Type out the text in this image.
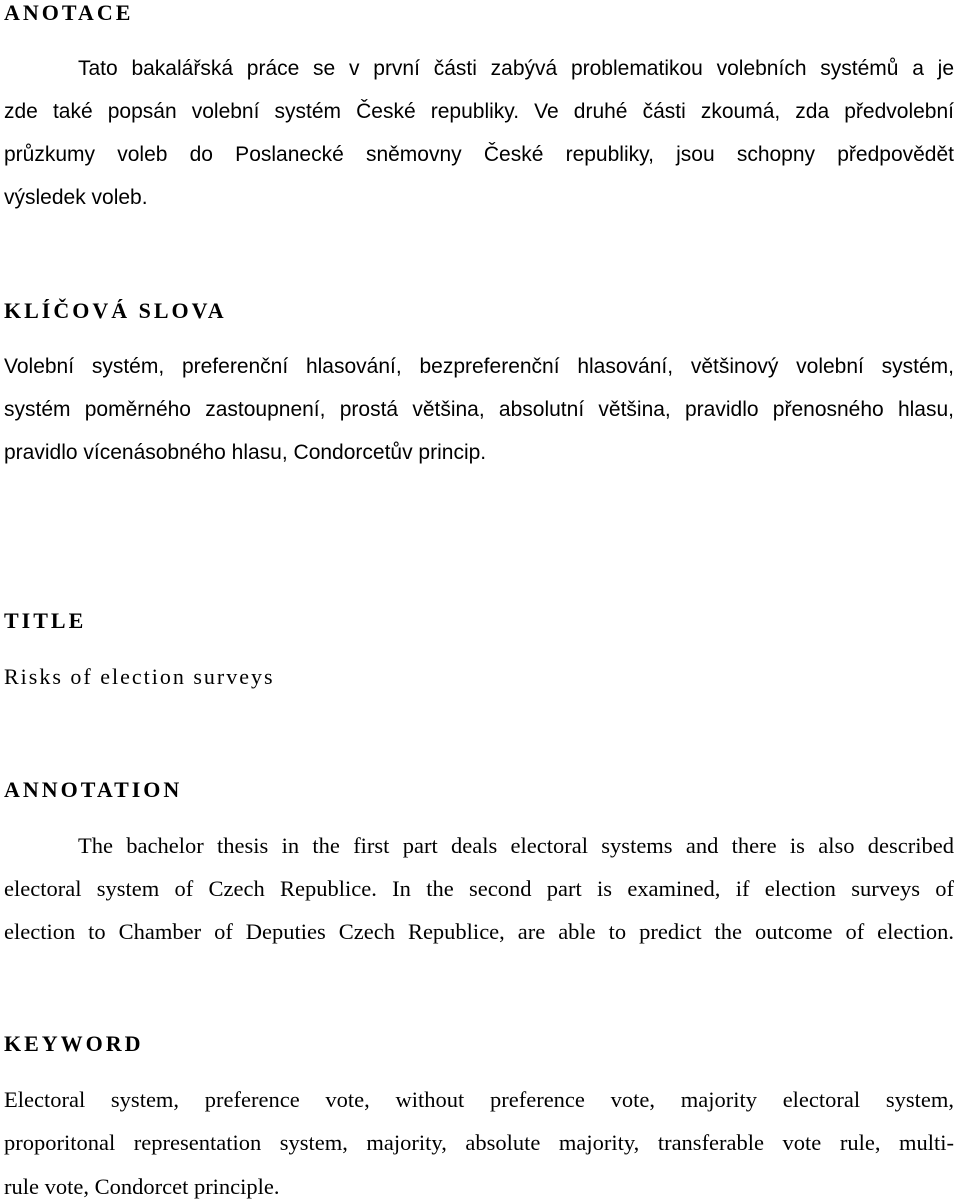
ANOTACE
Tato bakalářská práce se v první části zabývá problematikou volebních systémů a je
zde také popsán volební systém České republiky. Ve druhé části zkoumá, zda předvolební
průzkumy voleb do Poslanecké sněmovny České republiky, jsou schopny předpovědět
výsledek voleb.
KLÍČOVÁ SLOVA
Volební systém, preferenční hlasování, bezpreferenční hlasování, většinový volební systém,
systém poměrného zastoupnení, prostá většina, absolutní většina, pravidlo přenosného hlasu,
pravidlo vícenásobného hlasu, Condorcetův princip.
TITLE
Risks of election surveys
ANNOTATION
The bachelor thesis in the first part deals electoral systems and there is also described
electoral system of Czech Republice. In the second part is examined, if election surveys of
election to Chamber of Deputies Czech Republice, are able to predict the outcome of election.
KEYWORD
Electoral system, preference vote, without preference vote, majority electoral system,
proporitonal representation system, majority, absolute majority, transferable vote rule, multi-
rule vote, Condorcet principle.
